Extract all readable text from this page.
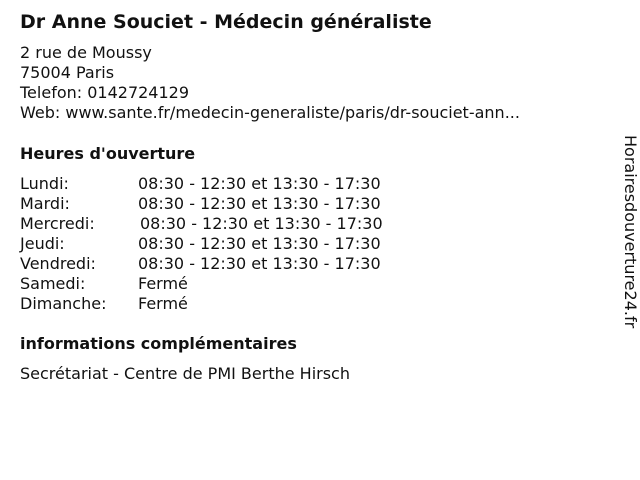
Dr Anne Souciet - Médecin généraliste
2 rue de Moussy
75004 Paris
Telefon: 0142724129
Web: www.sante.fr/medecin-generaliste/paris/dr-souciet-ann...
Heures d'ouverture
Lundi:	08:30 - 12:30 et 13:30 - 17:30
Mardi:	08:30 - 12:30 et 13:30 - 17:30
Mercredi:	08:30 - 12:30 et 13:30 - 17:30
Jeudi:	08:30 - 12:30 et 13:30 - 17:30
Vendredi:	08:30 - 12:30 et 13:30 - 17:30
Samedi:	Fermé
Dimanche: Fermé
informations complémentaires
Secrétariat - Centre de PMI Berthe Hirsch
Horairesdouverture24.fr
